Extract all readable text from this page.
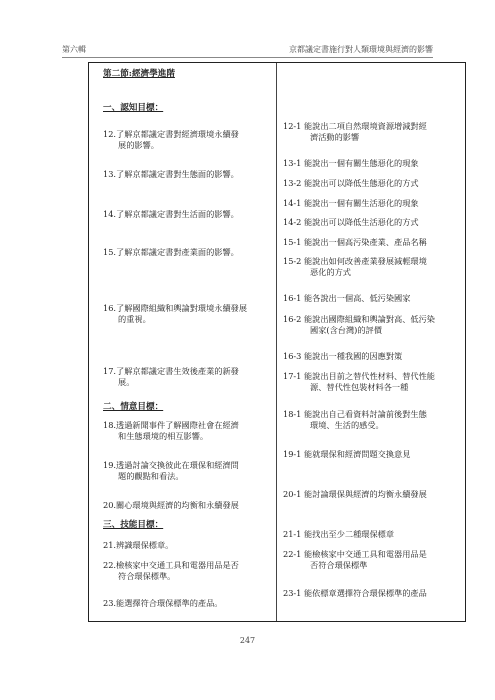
第六輯	京都議定書施行對人類環境與經濟的影響
第二節:經濟學進階
一、認知目標：
12.了解京都議定書對經濟環境永續發
展的影響。
13.了解京都議定書對生態面的影響。
14.了解京都議定書對生活面的影響。
15.了解京都議定書對產業面的影響。
16.了解國際組織和輿論對環境永續發展
的重視。
17.了解京都議定書生效後產業的新發
展。
二、情意目標：
18.透過新聞事件了解國際社會在經濟
和生態環境的相互影響。
19.透過討論交換彼此在環保和經濟問
題的觀點和看法。
20.關心環境與經濟的均衡和永續發展
三、技能目標：
21.辨識環保標章。
22.檢核家中交通工具和電器用品是否
符合環保標準。
23.能選擇符合環保標準的產品。
12-1 能說出二項自然環境資源增減對經
濟活動的影響
13-1 能說出一個有關生態惡化的現象
13-2 能說出可以降低生態惡化的方式
14-1 能說出一個有關生活惡化的現象
14-2 能說出可以降低生活惡化的方式
15-1 能說出一個高污染產業、產品名稱
15-2 能說出如何改善產業發展減輕環境
惡化的方式
16-1 能各說出一個高、低污染國家
16-2 能說出國際組織和輿論對高、低污染
國家(含台灣)的評價
16-3 能說出一種我國的因應對策
17-1 能說出目前之替代性材料、替代性能
源、替代性包裝材料各一種
18-1 能說出自己看資料討論前後對生態
環境、生活的感受。
19-1 能就環保和經濟問題交換意見
20-1 能討論環保與經濟的均衡永續發展
21-1 能找出至少二種環保標章
22-1 能檢核家中交通工具和電器用品是
否符合環保標準
23-1 能依標章選擇符合環保標準的產品
247
